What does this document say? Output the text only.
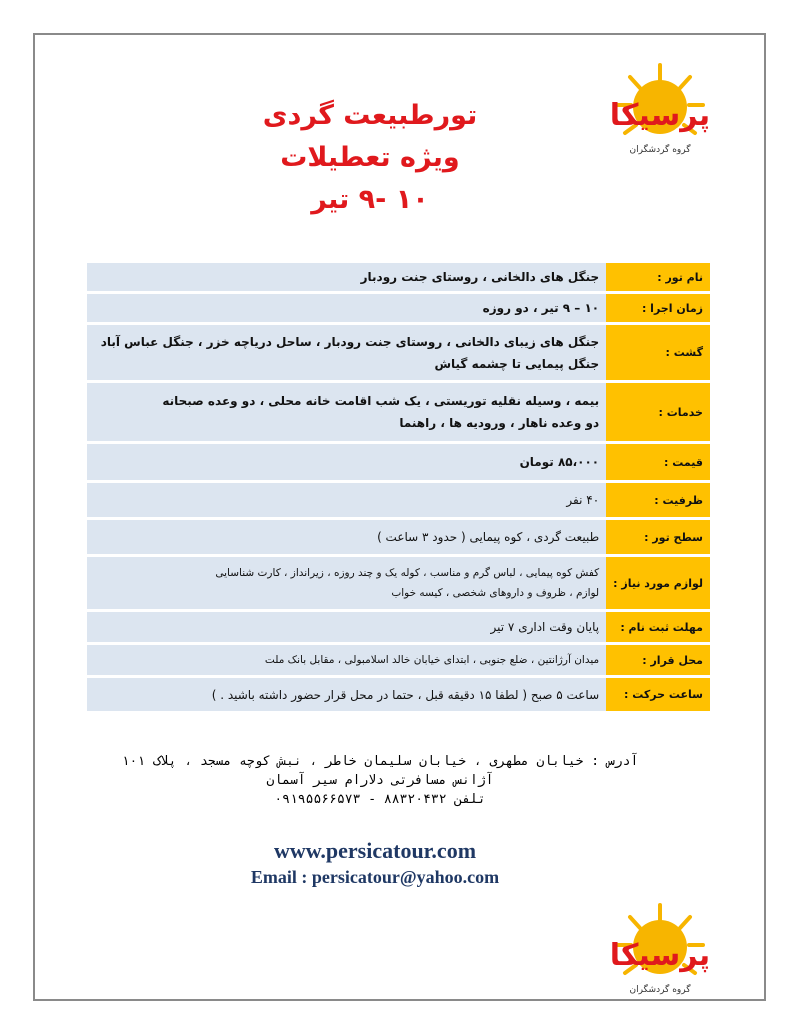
پرسیکا
گروه گردشگران
تورطبیعت گردی
ویژه تعطیلات
۱۰ -۹ تیر
نام تور :	جنگل های دالخانی ، روستای جنت رودبار
زمان اجرا :	۱۰ – ۹ تیر ، دو روزه
گشت :	جنگل های زیبای دالخانی ، روستای جنت رودبار ، ساحل دریاچه خزر ، جنگل عباس آباد
جنگل پیمایی تا چشمه گیاش

خدمات :	بیمه ، وسیله نقلیه توریستی ، یک شب اقامت خانه محلی ، دو وعده صبحانه
دو وعده ناهار ، ورودیه ها ، راهنما

قیمت :	۸۵،۰۰۰ تومان
ظرفیت :	۴۰ نفر
سطح تور :	طبیعت گردی ، کوه پیمایی ( حدود ۳ ساعت )
لوازم مورد نیاز :	کفش کوه پیمایی ، لباس گرم و مناسب ، کوله یک و چند روزه ، زیرانداز ، کارت شناسایی
لوازم ، ظروف و داروهای شخصی ، کیسه خواب

مهلت ثبت نام :	پایان وقت اداری ۷ تیر
محل قرار :	میدان آرژانتین ، ضلع جنوبی ، ابتدای خیابان خالد اسلامبولی ، مقابل بانک ملت
ساعت حرکت :	ساعت ۵ صبح ( لطفا ۱۵ دقیقه قبل ، حتما در محل قرار حضور داشته باشید . )
آدرس : خیابان مطهری ، خیابان سلیمان خاطر ، نبش کوچه مسجد ، پلاک ۱۰۱
آژانس مسافرتی دلارام سیر آسمان
تلفن ۸۸۳۲۰۴۳۲ - ۰۹۱۹۵۵۶۶۵۷۳
www.persicatour.com
Email : persicatour@yahoo.com
پرسیکا
گروه گردشگران
